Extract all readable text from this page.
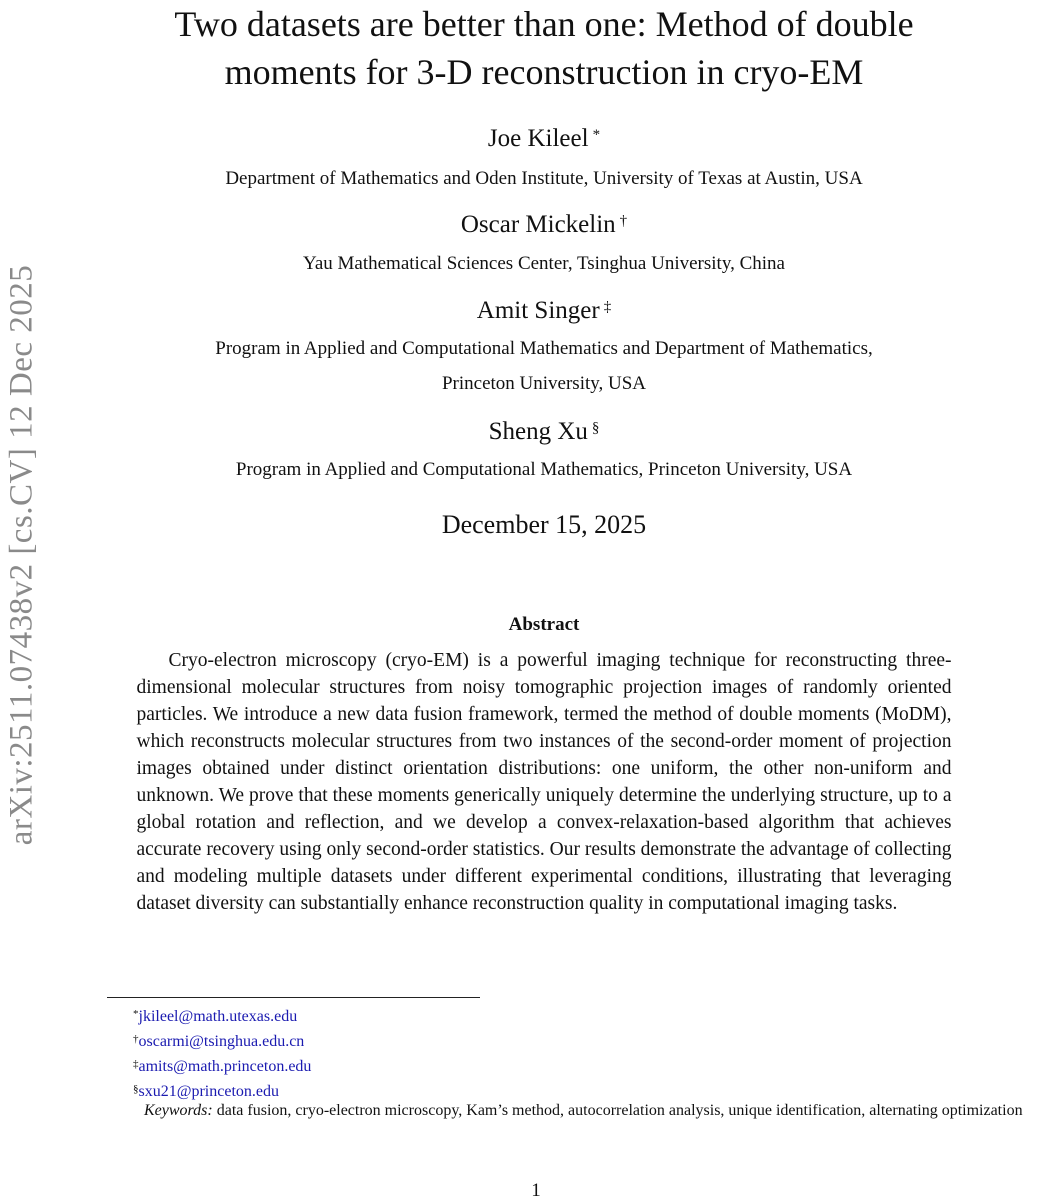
arXiv:2511.07438v2 [cs.CV] 12 Dec 2025
Two datasets are better than one: Method of double
moments for 3-D reconstruction in cryo-EM
Joe Kileel *
Department of Mathematics and Oden Institute, University of Texas at Austin, USA
Oscar Mickelin †
Yau Mathematical Sciences Center, Tsinghua University, China
Amit Singer ‡
Program in Applied and Computational Mathematics and Department of Mathematics,
Princeton University, USA
Sheng Xu §
Program in Applied and Computational Mathematics, Princeton University, USA
December 15, 2025
Abstract

Cryo-electron microscopy (cryo-EM) is a powerful imaging technique for reconstructing three-dimensional molecular structures from noisy tomographic projection images of randomly oriented particles. We introduce a new data fusion framework, termed the method of double moments (MoDM), which reconstructs molecular structures from two instances of the second-order moment of projection images obtained under distinct orientation distributions: one uniform, the other non-uniform and unknown. We prove that these moments generically uniquely determine the underlying structure, up to a global rotation and reflection, and we develop a convex-relaxation-based algorithm that achieves accurate recovery using only second-order statistics. Our results demonstrate the advantage of collecting and modeling multiple datasets under different experimental conditions, illustrating that leveraging dataset diversity can substantially enhance reconstruction quality in computational imaging tasks.

*jkileel@math.utexas.edu
†oscarmi@tsinghua.edu.cn
‡amits@math.princeton.edu
§sxu21@princeton.edu
Keywords: data fusion, cryo-electron microscopy, Kam’s method, autocorrelation analysis, unique identification, alternating optimization
1
